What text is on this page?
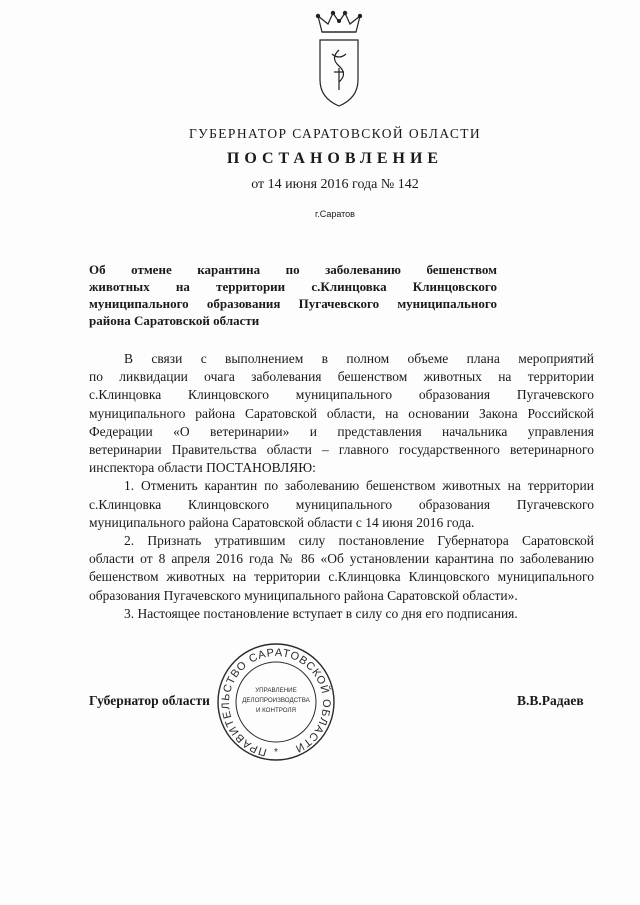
ГУБЕРНАТОР САРАТОВСКОЙ ОБЛАСТИ
ПОСТАНОВЛЕНИЕ
от 14 июня 2016 года № 142
г.Саратов
Об отмене карантина по заболеванию бешенством
животных на территории с.Клинцовка Клинцовского
муниципального образования Пугачевского муниципального
района Саратовской области
В связи с выполнением в полном объеме плана мероприятий
по ликвидации очага заболевания бешенством животных на территории
с.Клинцовка Клинцовского муниципального образования Пугачевского
муниципального района Саратовской области, на основании Закона Российской
Федерации «О ветеринарии» и представления начальника управления
ветеринарии Правительства области – главного государственного ветеринарного
инспектора области ПОСТАНОВЛЯЮ:
1. Отменить карантин по заболеванию бешенством животных на территории
с.Клинцовка Клинцовского муниципального образования Пугачевского
муниципального района Саратовской области с 14 июня 2016 года.
2. Признать утратившим силу постановление Губернатора Саратовской
области от 8 апреля 2016 года № 86 «Об установлении карантина по заболеванию
бешенством животных на территории с.Клинцовка Клинцовского муниципального
образования Пугачевского муниципального района Саратовской области».
3. Настоящее постановление вступает в силу со дня его подписания.
Губернатор области	В.В.Радаев
ПРАВИТЕЛЬСТВО САРАТОВСКОЙ ОБЛАСТИ
УПРАВЛЕНИЕ
ДЕЛОПРОИЗВОДСТВА
И КОНТРОЛЯ
*
